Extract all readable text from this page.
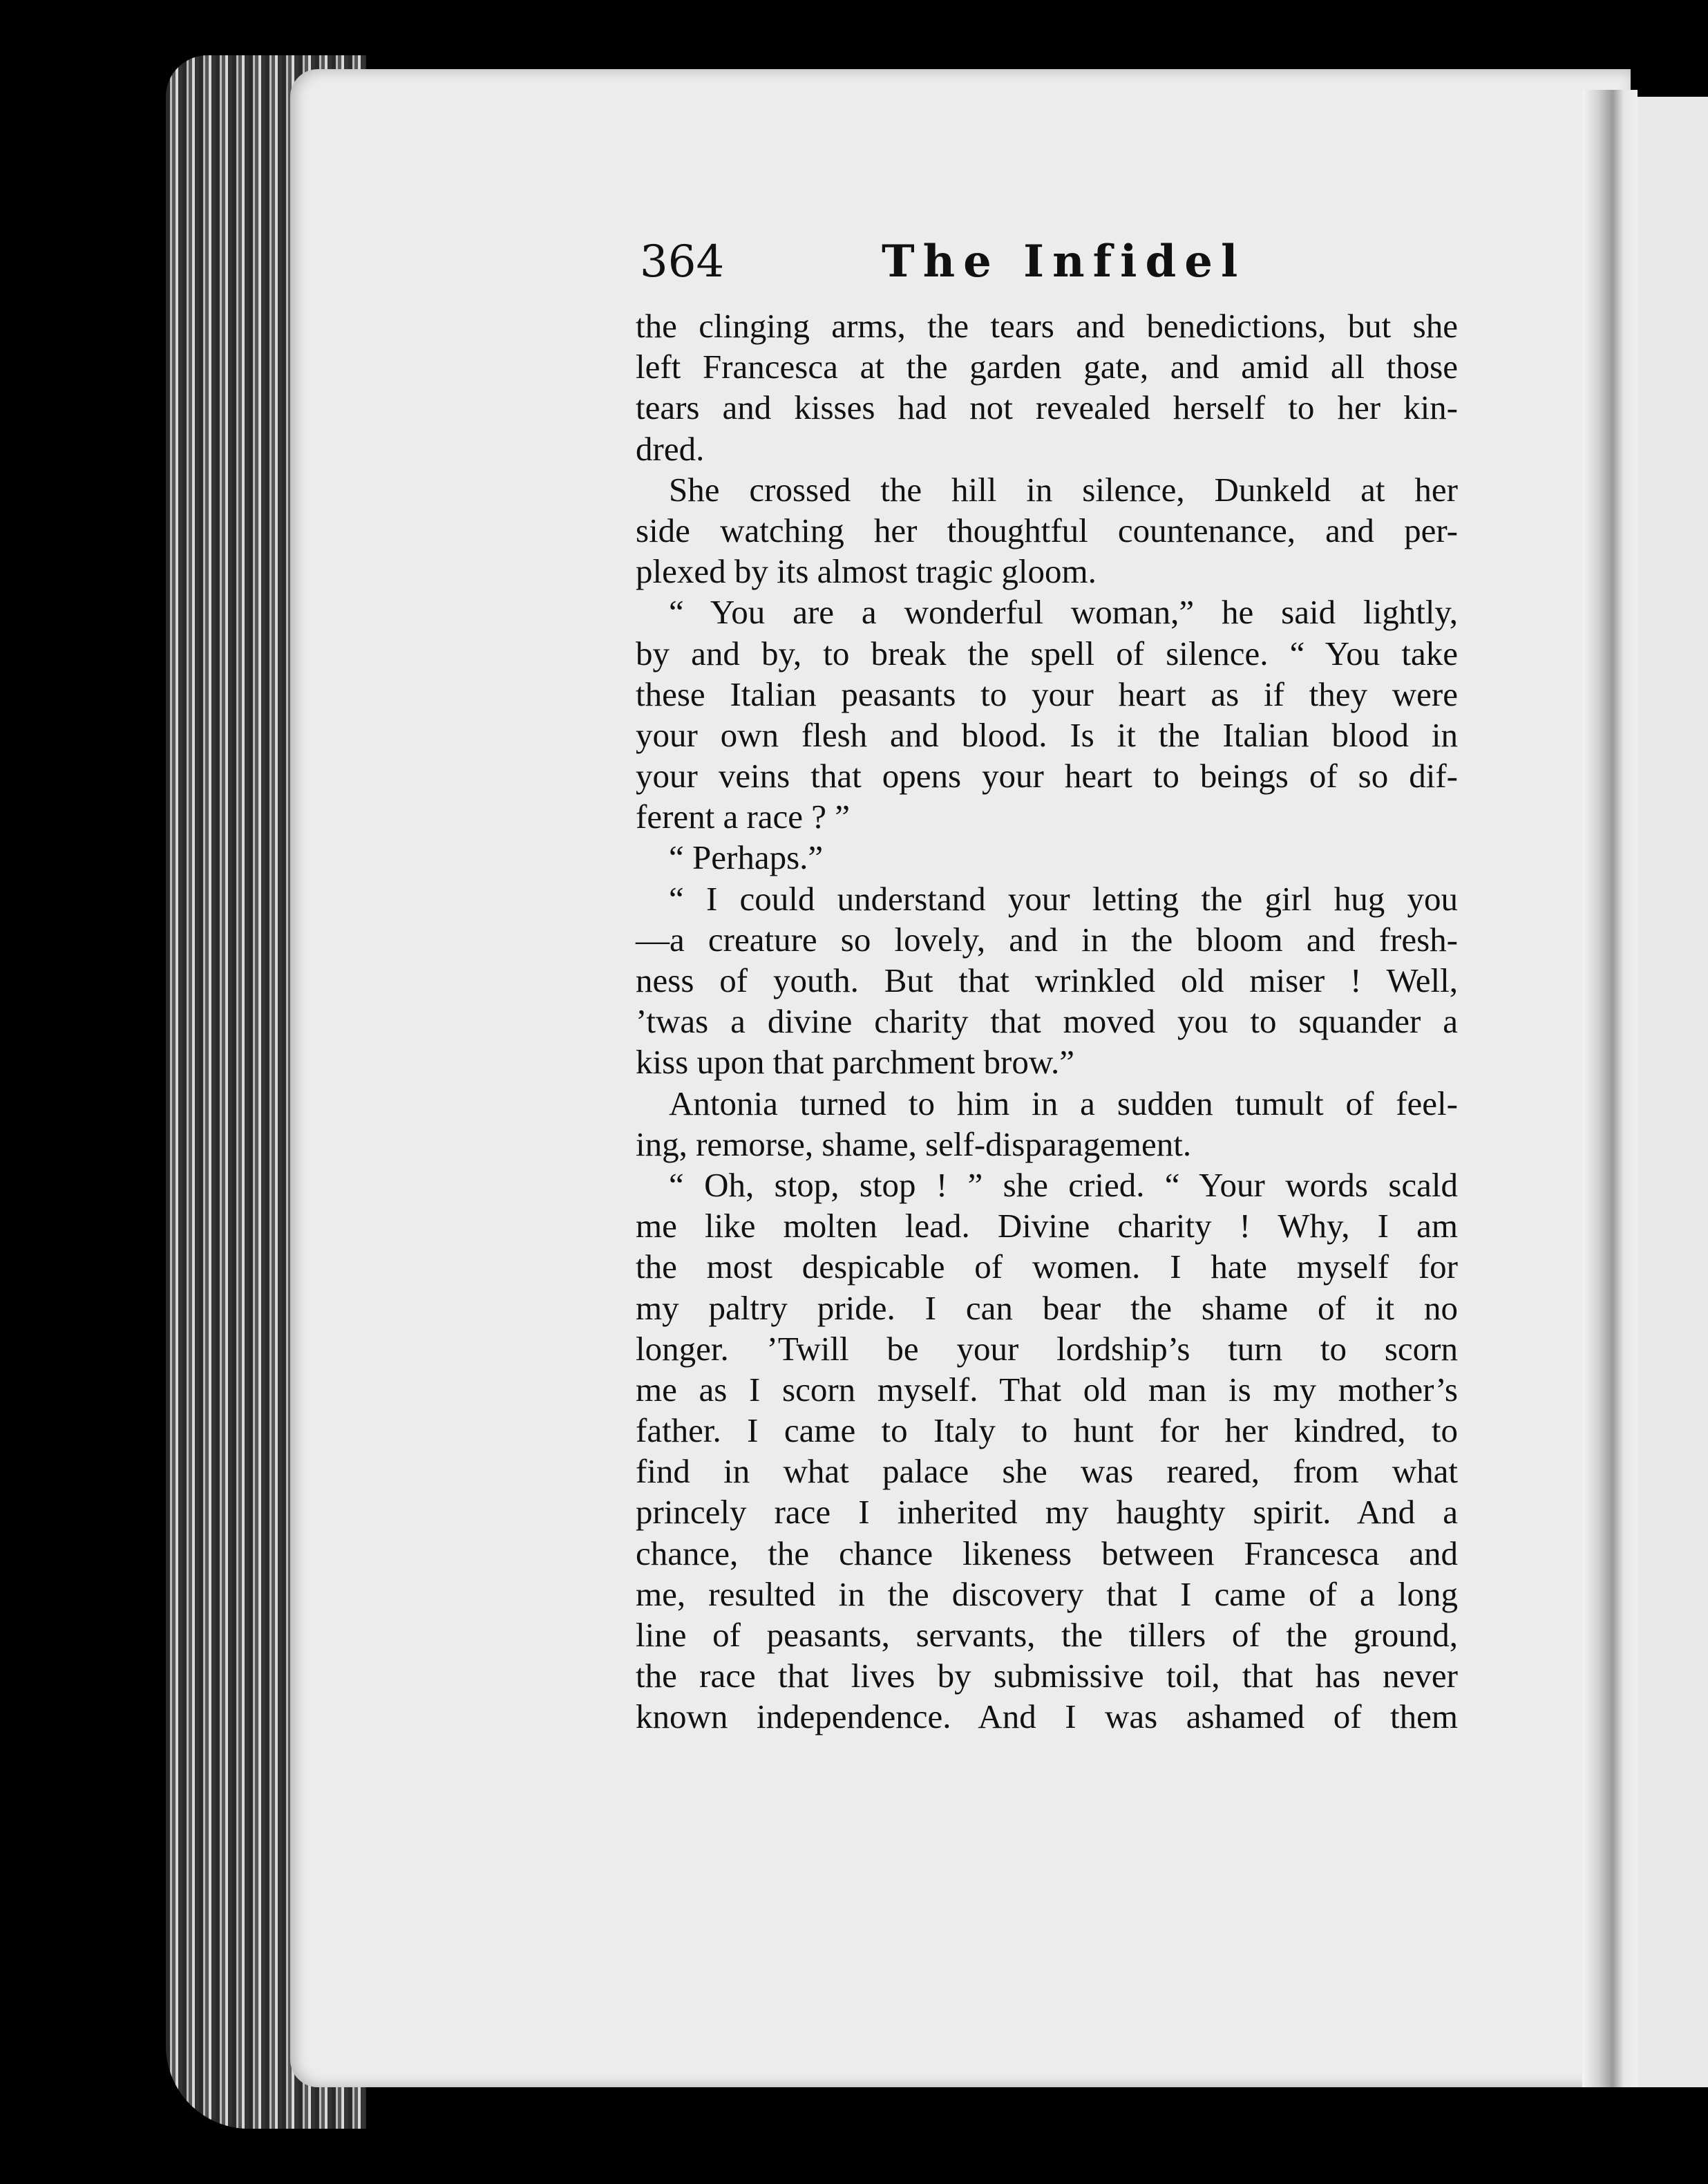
364	The Infidel
the clinging arms, the tears and benedictions, but she
left Francesca at the garden gate, and amid all those
tears and kisses had not revealed herself to her kin-
dred.
She crossed the hill in silence, Dunkeld at her
side watching her thoughtful countenance, and per-
plexed by its almost tragic gloom.
“ You are a wonderful woman,” he said lightly,
by and by, to break the spell of silence. “ You take
these Italian peasants to your heart as if they were
your own flesh and blood. Is it the Italian blood in
your veins that opens your heart to beings of so dif-
ferent a race ? ”
“ Perhaps.”
“ I could understand your letting the girl hug you
—a creature so lovely, and in the bloom and fresh-
ness of youth. But that wrinkled old miser ! Well,
’twas a divine charity that moved you to squander a
kiss upon that parchment brow.”
Antonia turned to him in a sudden tumult of feel-
ing, remorse, shame, self-disparagement.
“ Oh, stop, stop ! ” she cried. “ Your words scald
me like molten lead. Divine charity ! Why, I am
the most despicable of women. I hate myself for
my paltry pride. I can bear the shame of it no
longer. ’Twill be your lordship’s turn to scorn
me as I scorn myself. That old man is my mother’s
father. I came to Italy to hunt for her kindred, to
find in what palace she was reared, from what
princely race I inherited my haughty spirit. And a
chance, the chance likeness between Francesca and
me, resulted in the discovery that I came of a long
line of peasants, servants, the tillers of the ground,
the race that lives by submissive toil, that has never
known independence. And I was ashamed of them
